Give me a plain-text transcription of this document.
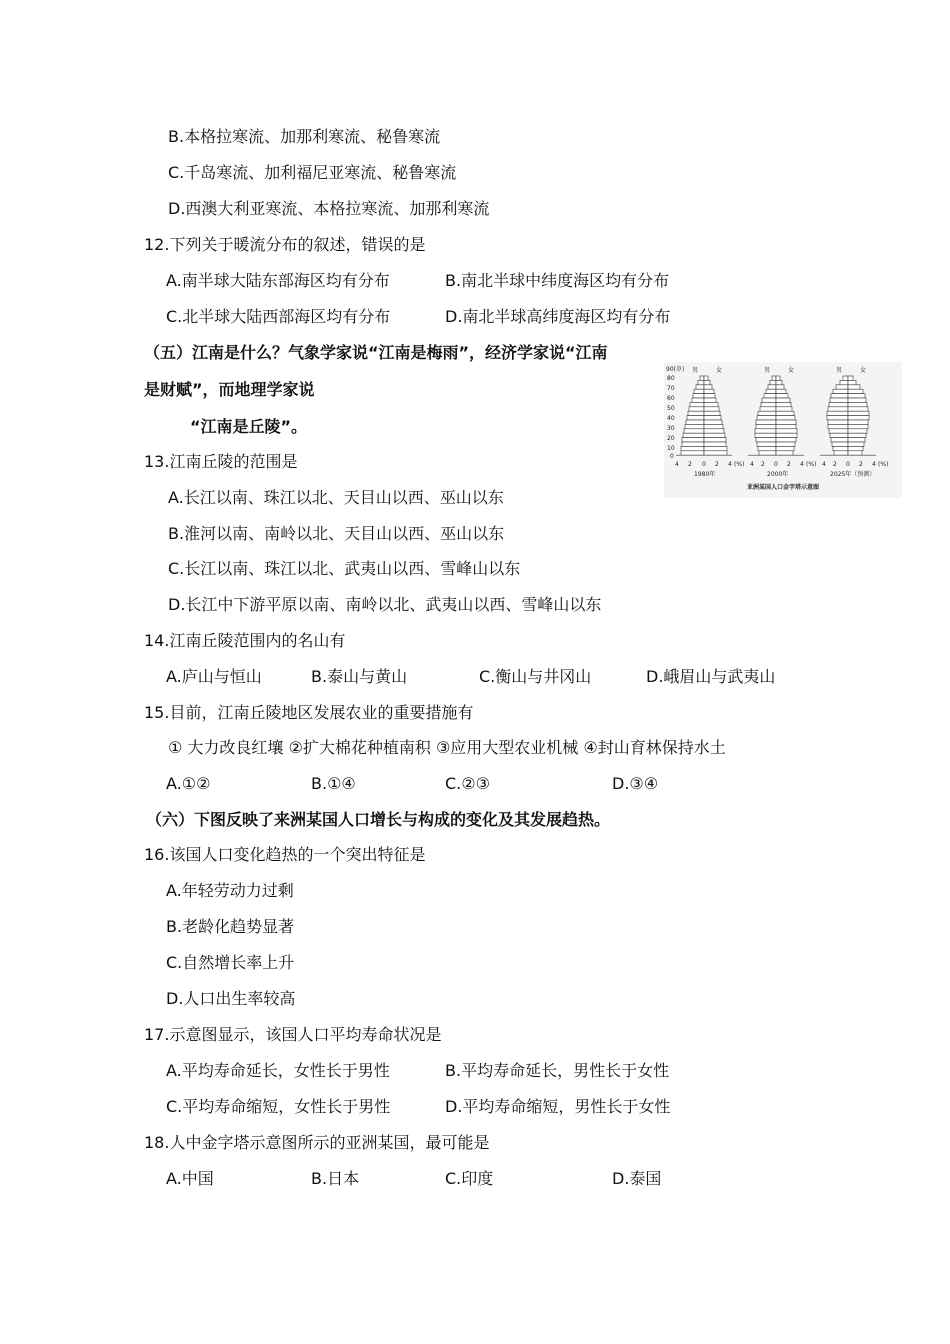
B.本格拉寒流、加那利寒流、秘鲁寒流
C.千岛寒流、加利福尼亚寒流、秘鲁寒流
D.西澳大利亚寒流、本格拉寒流、加那利寒流
12.下列关于暖流分布的叙述，错误的是
A.南半球大陆东部海区均有分布	B.南北半球中纬度海区均有分布
C.北半球大陆西部海区均有分布	D.南北半球高纬度海区均有分布
（五）江南是什么？气象学家说“江南是梅雨”，经济学家说“江南
是财赋”，而地理学家说
“江南是丘陵”。
90(岁)
80
70
60
50
40
30
20
10
0
男	女	男	女	男	女
4 2 0 2 4 (%) 4 2 0 2 4 (%) 4 2 0 2 4 (%)
1980年	2000年	2025年（预测）
亚洲某国人口金字塔示意图
13.江南丘陵的范围是
A.长江以南、珠江以北、天目山以西、巫山以东
B.淮河以南、南岭以北、天目山以西、巫山以东
C.长江以南、珠江以北、武夷山以西、雪峰山以东
D.长江中下游平原以南、南岭以北、武夷山以西、雪峰山以东
14.江南丘陵范围内的名山有
A.庐山与恒山	B.泰山与黄山	C.衡山与井冈山	D.峨眉山与武夷山
15.目前，江南丘陵地区发展农业的重要措施有
① 大力改良红壤 ②扩大棉花种植南积 ③应用大型农业机械 ④封山育林保持水土
A.①②	B.①④	C.②③	D.③④
（六）下图反映了来洲某国人口增长与构成的变化及其发展趋热。
16.该国人口变化趋热的一个突出特征是
A.年轻劳动力过剩
B.老龄化趋势显著
C.自然增长率上升
D.人口出生率较高
17.示意图显示，该国人口平均寿命状况是
A.平均寿命延长，女性长于男性	B.平均寿命延长，男性长于女性
C.平均寿命缩短，女性长于男性	D.平均寿命缩短，男性长于女性
18.人中金字塔示意图所示的亚洲某国，最可能是
A.中国	B.日本	C.印度	D.泰国
